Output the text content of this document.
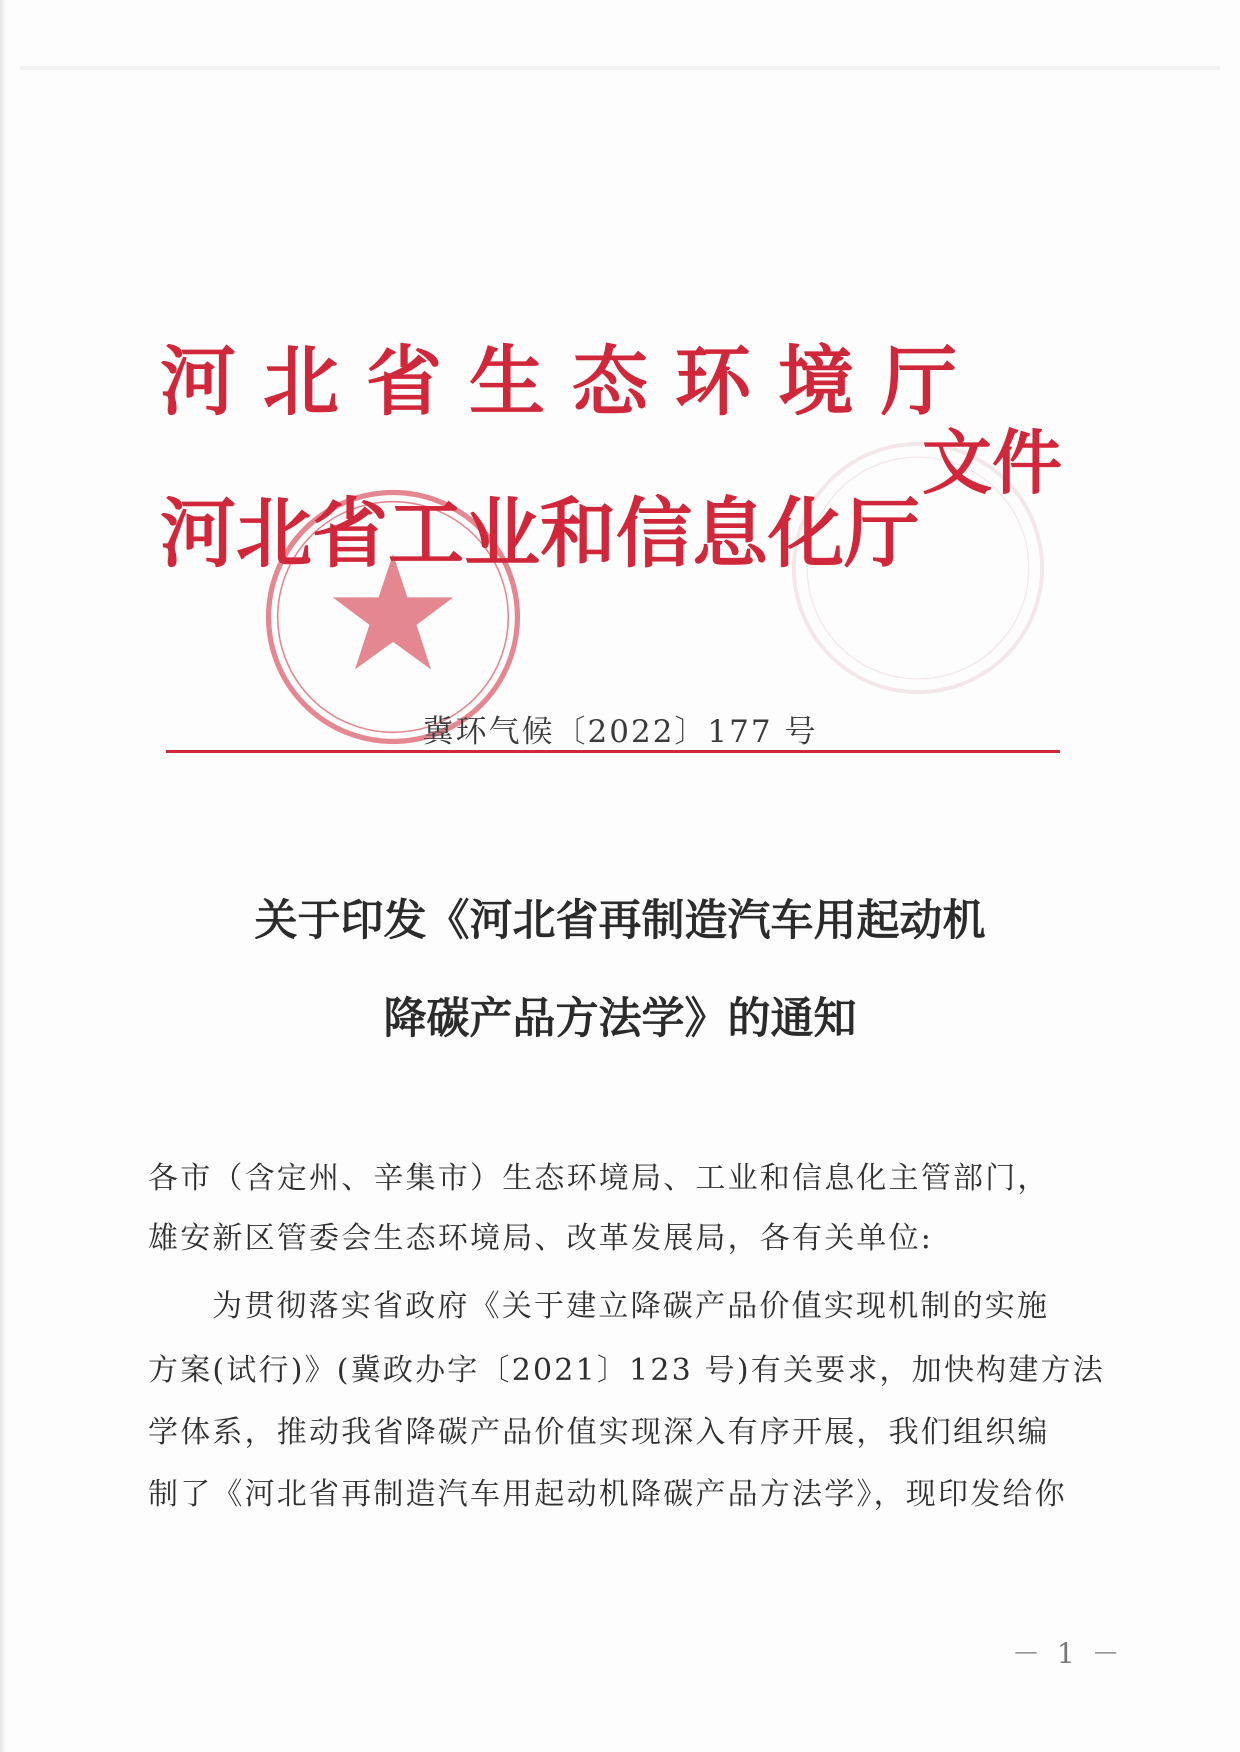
河北省生态环境厅
河北省工业和信息化厅
文件
冀环气候〔2022〕177 号
关于印发《河北省再制造汽车用起动机
降碳产品方法学》的通知
各市（含定州、辛集市）生态环境局、工业和信息化主管部门，
雄安新区管委会生态环境局、改革发展局，各有关单位:
为贯彻落实省政府《关于建立降碳产品价值实现机制的实施
方案(试行)》(冀政办字〔2021〕123 号)有关要求，加快构建方法
学体系，推动我省降碳产品价值实现深入有序开展，我们组织编
制了《河北省再制造汽车用起动机降碳产品方法学》，现印发给你
－ 1 －
